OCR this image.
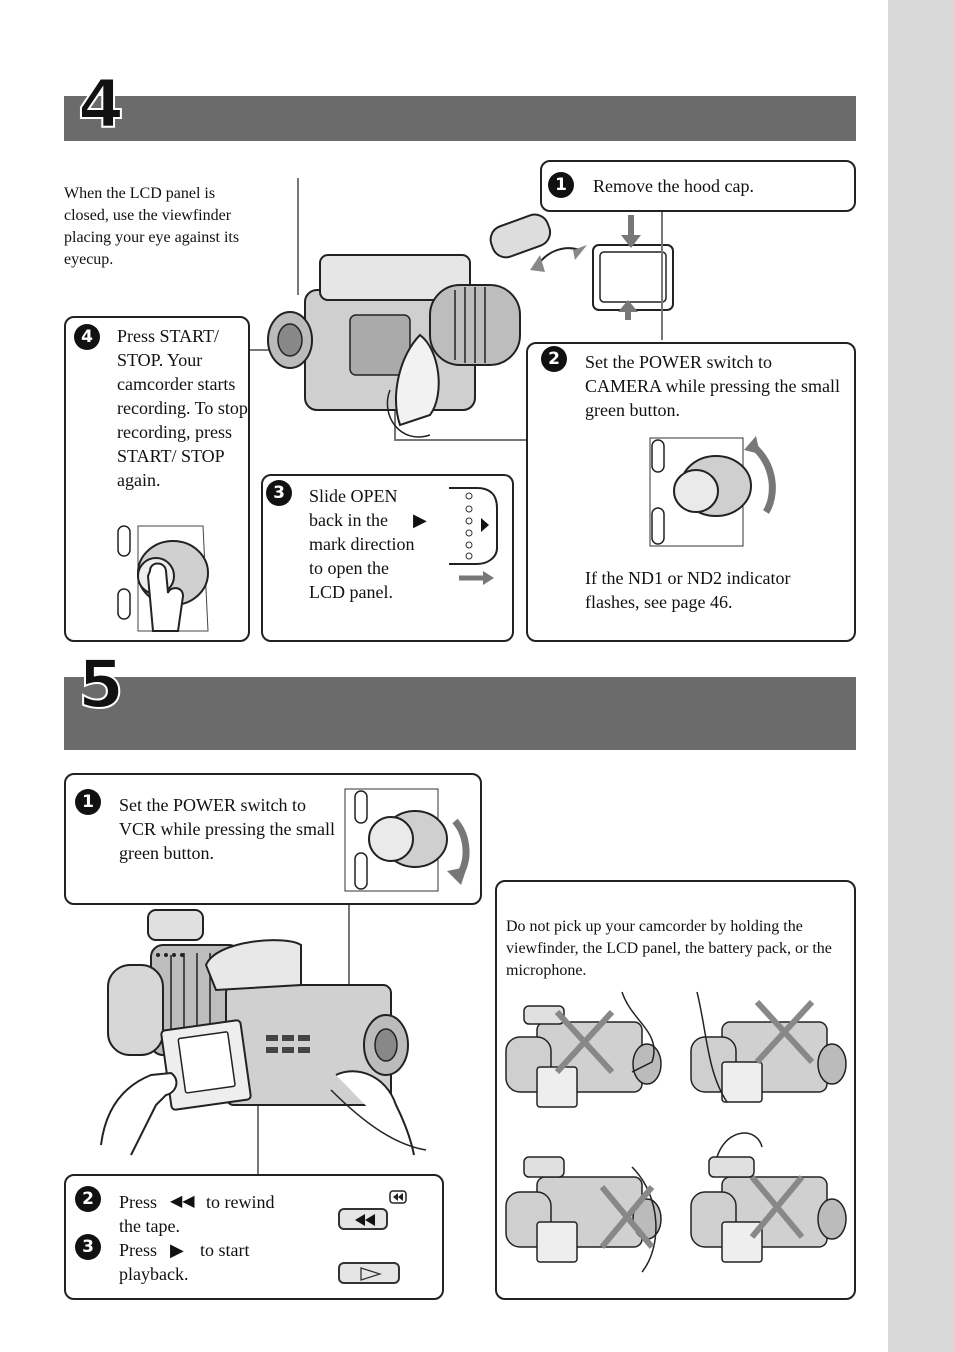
4
When the LCD panel is closed, use the viewfinder placing your eye against its eyecup.
1	Remove the hood cap.
4	Press START/ STOP. Your camcorder starts recording. To stop recording, press START/ STOP again.
3	Slide OPEN
back in the	▶
mark direction
to open the
LCD panel.
2	Set the POWER switch to CAMERA while pressing the small green button.
If the ND1 or ND2 indicator flashes, see page 46.
5
1	Set the POWER switch to VCR while pressing the small green button.
2	Press ◀◀ to rewind
the tape.
3	Press ▶ to start
playback.
Do not pick up your camcorder by holding the viewfinder, the LCD panel, the battery pack, or the microphone.
